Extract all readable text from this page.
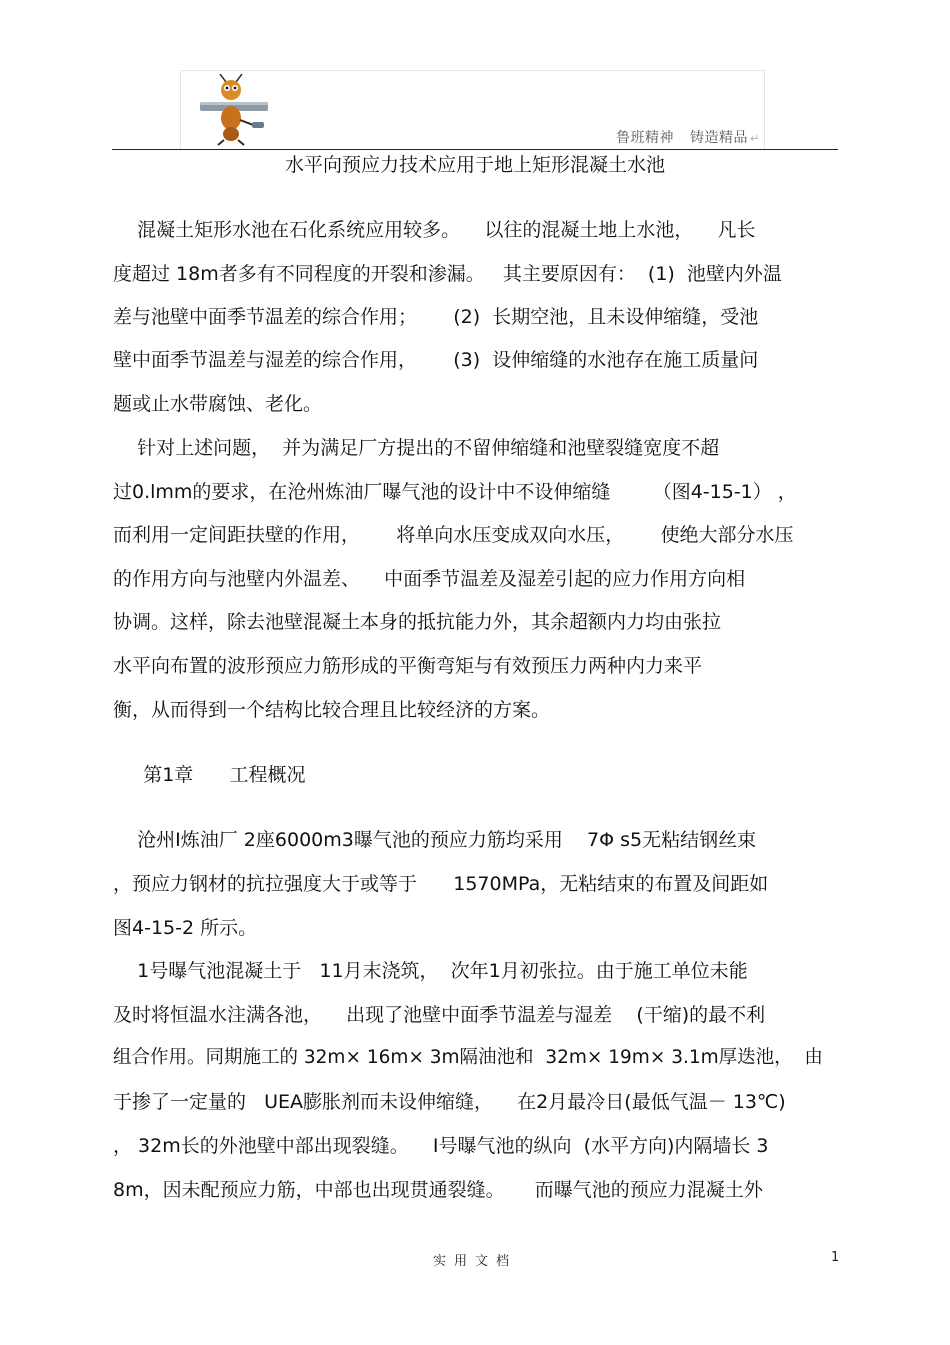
鲁班精神 铸造精品 ↵
水平向预应力技术应用于地上矩形混凝土水池
混凝土矩形水池在石化系统应用较多。    以往的混凝土地上水池，    凡长
度超过 18m者多有不同程度的开裂和渗漏。   其主要原因有：  (1)  池壁内外温
差与池壁中面季节温差的综合作用；      (2)  长期空池，且未设伸缩缝，受池
壁中面季节温差与湿差的综合作用，      (3)  设伸缩缝的水池存在施工质量问
题或止水带腐蚀、老化。
针对上述问题，  并为满足厂方提出的不留伸缩缝和池壁裂缝宽度不超
过0.lmm的要求，在沧州炼油厂曝气池的设计中不设伸缩缝       （图4-15-1） ，
而利用一定间距扶壁的作用，      将单向水压变成双向水压，      使绝大部分水压
的作用方向与池壁内外温差、    中面季节温差及湿差引起的应力作用方向相
协调。这样，除去池壁混凝土本身的抵抗能力外，其余超额内力均由张拉
水平向布置的波形预应力筋形成的平衡弯矩与有效预压力两种内力来平
衡，从而得到一个结构比较合理且比较经济的方案。
第1章      工程概况
沧州Ⅰ炼油厂 2座6000m3曝气池的预应力筋均采用    7Φ s5无粘结钢丝束
，预应力钢材的抗拉强度大于或等于      1570MPa，无粘结束的布置及间距如
图4-15-2 所示。
1号曝气池混凝土于   11月末浇筑，  次年1月初张拉。由于施工单位未能
及时将恒温水注满各池，    出现了池壁中面季节温差与湿差    (干缩)的最不利
组合作用。同期施工的 32m× 16m× 3m隔油池和  32m× 19m× 3.1m厚迭池，  由
于掺了一定量的   UEA膨胀剂而未设伸缩缝，    在2月最冷日(最低气温－ 13℃)
， 32m长的外池壁中部出现裂缝。    Ⅰ号曝气池的纵向  (水平方向)内隔墙长 3
8m，因未配预应力筋，中部也出现贯通裂缝。     而曝气池的预应力混凝土外
实用文档	1
